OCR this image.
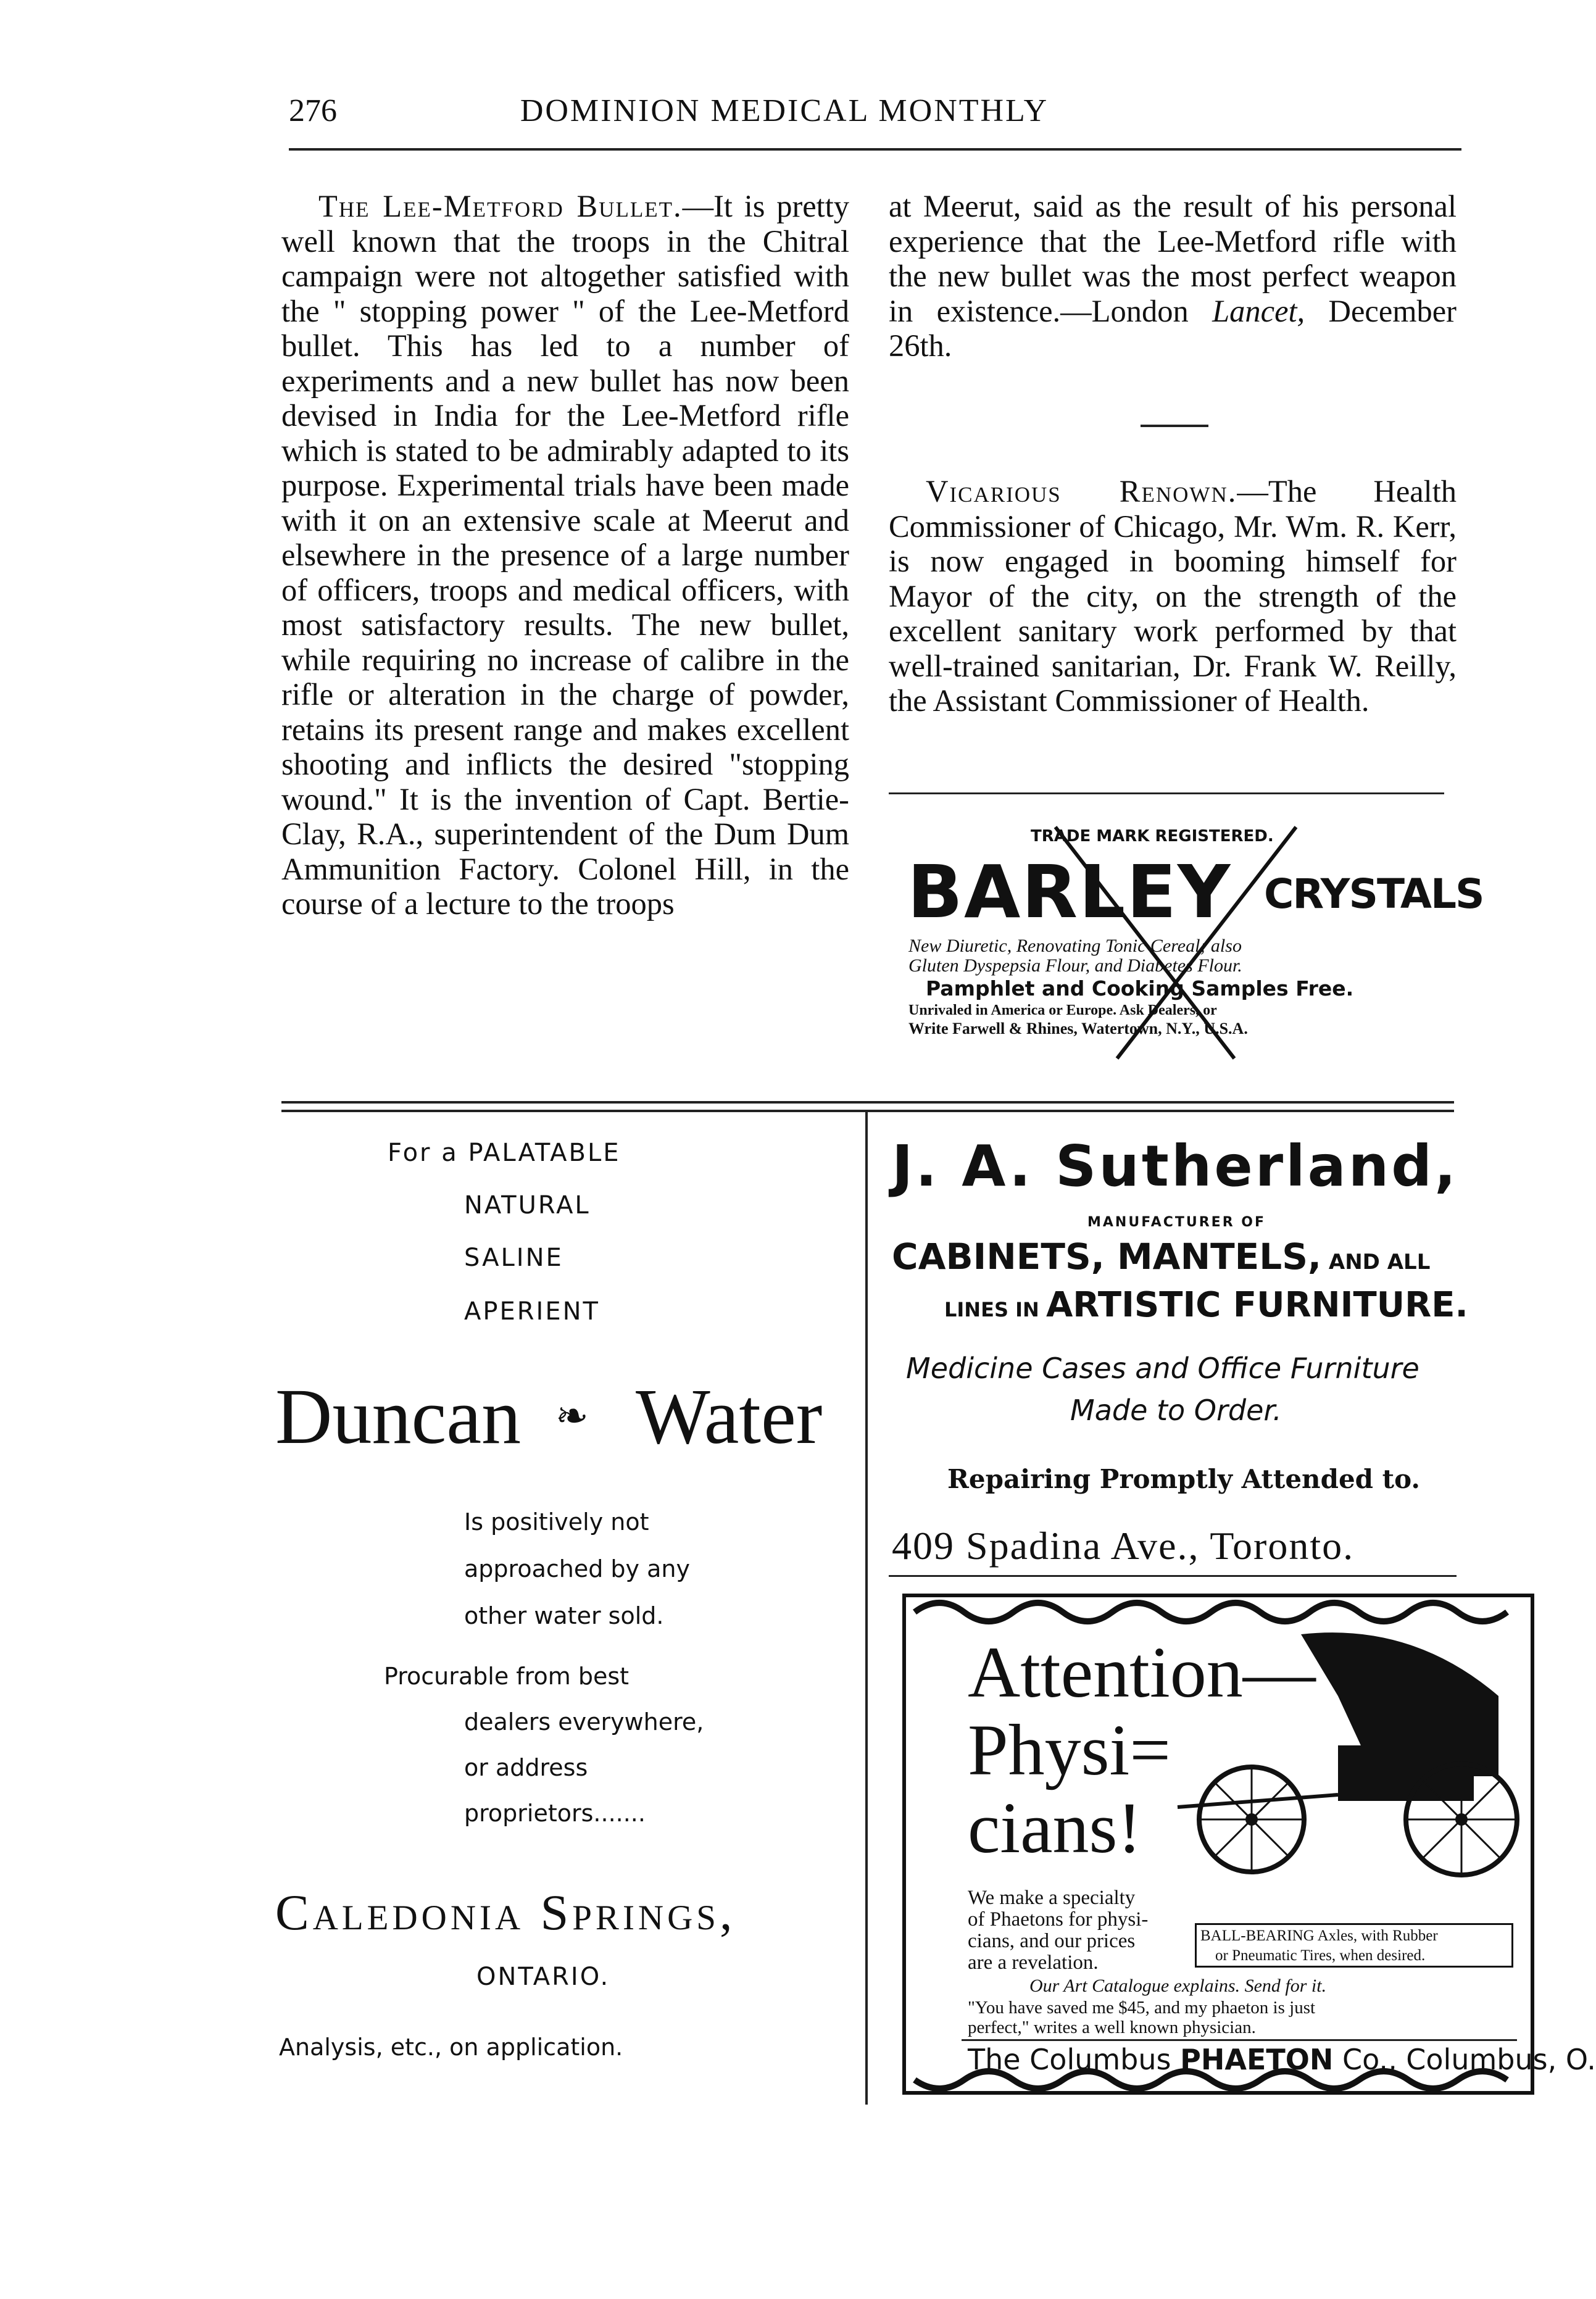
276	DOMINION MEDICAL MONTHLY

The Lee-Metford Bullet.—It is pretty well known that the troops in the Chitral campaign were not altogether satisfied with the " stopping power " of the Lee-Metford bullet. This has led to a number of experiments and a new bullet has now been devised in India for the Lee-Metford rifle which is stated to be admirably adapted to its purpose. Experimental trials have been made with it on an extensive scale at Meerut and elsewhere in the presence of a large number of officers, troops and medical officers, with most satisfactory results. The new bullet, while requiring no increase of calibre in the rifle or alteration in the charge of powder, retains its present range and makes excellent shooting and inflicts the desired "stopping wound." It is the invention of Capt. Bertie-Clay, R.A., superintendent of the Dum Dum Ammunition Factory. Colonel Hill, in the course of a lecture to the troops

at Meerut, said as the result of his personal experience that the Lee-Metford rifle with the new bullet was the most perfect weapon in existence.—London Lancet, December 26th.

Vicarious Renown.—The Health Commissioner of Chicago, Mr. Wm. R. Kerr, is now engaged in booming himself for Mayor of the city, on the strength of the excellent sanitary work performed by that well-trained sanitarian, Dr. Frank W. Reilly, the Assistant Commissioner of Health.

TRADE MARK REGISTERED.
BARLEY CRYSTALS
New Diuretic, Renovating Tonic Cereal; also
Gluten Dyspepsia Flour, and Diabetes Flour.
Pamphlet and Cooking Samples Free.
Unrivaled in America or Europe. Ask Dealers, or
Write Farwell & Rhines, Watertown, N.Y., U.S.A.
For a PALATABLE
NATURAL
SALINE
APERIENT
Duncan ❧ Water
Is positively not
approached by any
other water sold.
Procurable from best
dealers everywhere,
or address
proprietors.......
Caledonia Springs,
ONTARIO.
Analysis, etc., on application.
J. A. Sutherland,
MANUFACTURER OF
CABINETS, MANTELS, AND ALL
LINES IN ARTISTIC FURNITURE.
Medicine Cases and Office Furniture
Made to Order.
Repairing Promptly Attended to.
409 Spadina Ave., Toronto.
Attention—
Physi=
cians!
We make a specialty
of Phaetons for physi-
cians, and our prices
are a revelation.
BALL-BEARING Axles, with Rubber
or Pneumatic Tires, when desired.
Our Art Catalogue explains. Send for it.
"You have saved me $45, and my phaeton is just
perfect," writes a well known physician.
The Columbus PHAETON Co., Columbus, O.
